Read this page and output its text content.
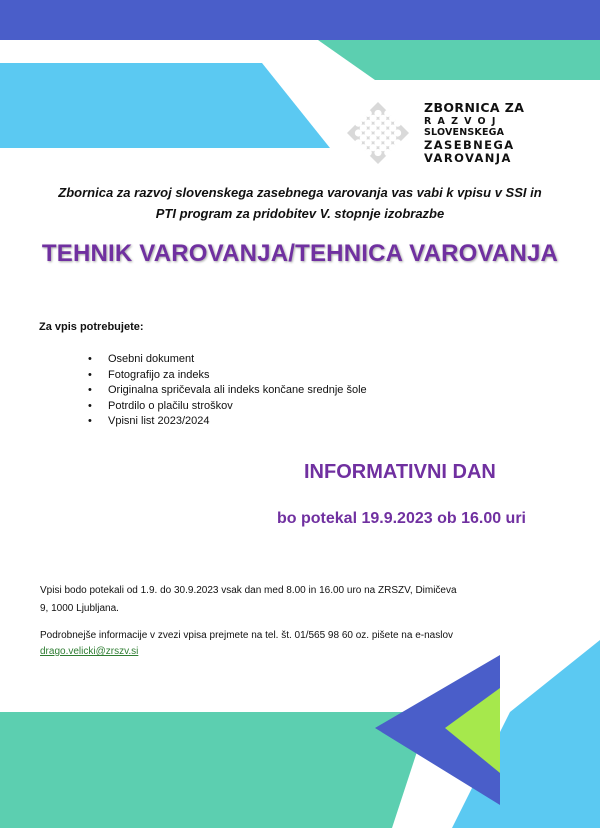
ZBORNICA ZA
RAZVOJ
SLOVENSKEGA
ZASEBNEGA
VAROVANJA
Zbornica za razvoj slovenskega zasebnega varovanja vas vabi k vpisu v SSI in
PTI program za pridobitev V. stopnje izobrazbe
TEHNIK VAROVANJA/TEHNICA VAROVANJA
Za vpis potrebujete:
• Osebni dokument
• Fotografijo za indeks
• Originalna spričevala ali indeks končane srednje šole
• Potrdilo o plačilu stroškov
• Vpisni list 2023/2024
INFORMATIVNI DAN
bo potekal 19.9.2023 ob 16.00 uri
Vpisi bodo potekali od 1.9. do 30.9.2023 vsak dan med 8.00 in 16.00 uro na ZRSZV, Dimičeva
9, 1000 Ljubljana.
Podrobnejše informacije v zvezi vpisa prejmete na tel. št. 01/565 98 60 oz. pišete na e-naslov
drago.velicki@zrszv.si
